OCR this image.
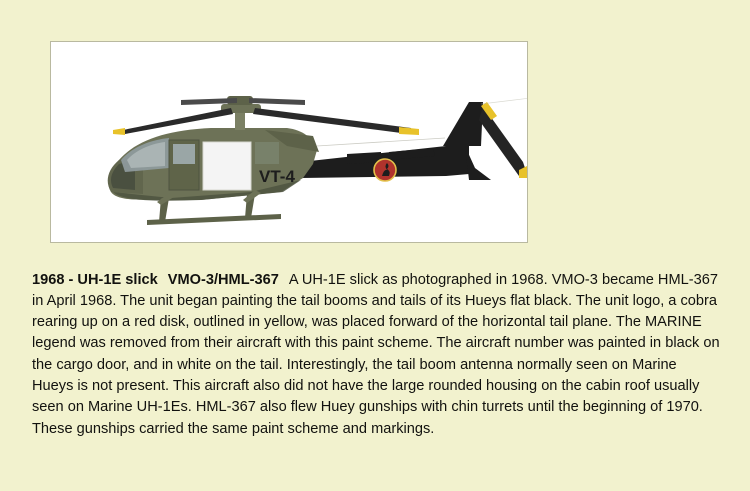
4
VT-4

1968 - UH-1E slick VMO-3/HML-367 A UH-1E slick as photographed in 1968. VMO-3 became HML-367 in April 1968. The unit began painting the tail booms and tails of its Hueys flat black. The unit logo, a cobra rearing up on a red disk, outlined in yellow, was placed forward of the horizontal tail plane. The MARINE legend was removed from their aircraft with this paint scheme. The aircraft number was painted in black on the cargo door, and in white on the tail. Interestingly, the tail boom antenna normally seen on Marine Hueys is not present. This aircraft also did not have the large rounded housing on the cabin roof usually seen on Marine UH-1Es. HML-367 also flew Huey gunships with chin turrets until the beginning of 1970. These gunships carried the same paint scheme and markings.
